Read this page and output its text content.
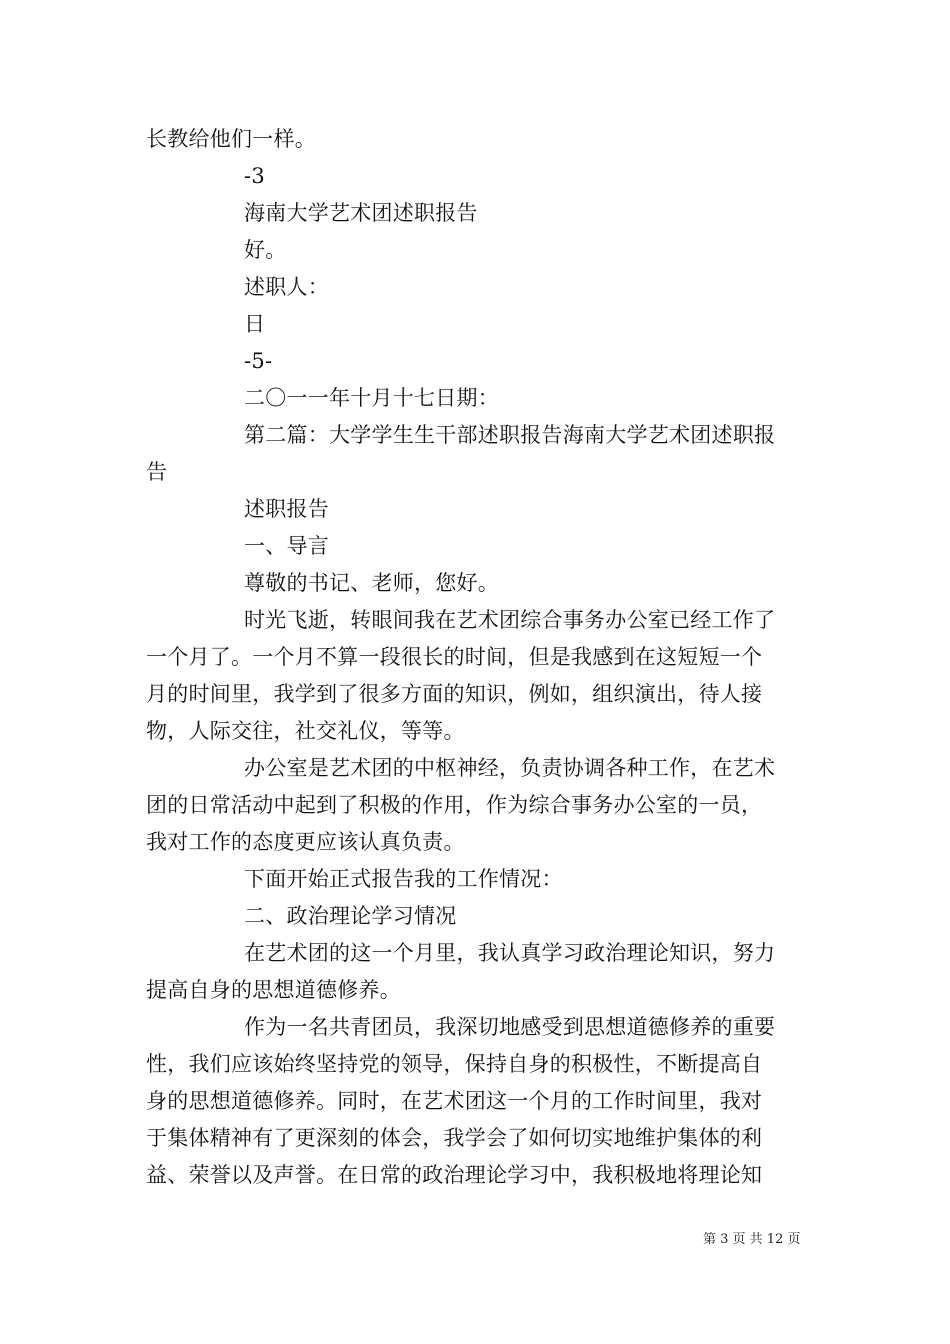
长教给他们一样。
-3
海南大学艺术团述职报告
好。
述职人：
日
-5-
二〇一一年十月十七日期：
第二篇：大学学生生干部述职报告海南大学艺术团述职报
告
述职报告
一、导言
尊敬的书记、老师，您好。
时光飞逝，转眼间我在艺术团综合事务办公室已经工作了
一个月了。一个月不算一段很长的时间，但是我感到在这短短一个
月的时间里，我学到了很多方面的知识，例如，组织演出，待人接
物，人际交往，社交礼仪，等等。
办公室是艺术团的中枢神经，负责协调各种工作，在艺术
团的日常活动中起到了积极的作用，作为综合事务办公室的一员，
我对工作的态度更应该认真负责。
下面开始正式报告我的工作情况：
二、政治理论学习情况
在艺术团的这一个月里，我认真学习政治理论知识，努力
提高自身的思想道德修养。
作为一名共青团员，我深切地感受到思想道德修养的重要
性，我们应该始终坚持党的领导，保持自身的积极性，不断提高自
身的思想道德修养。同时，在艺术团这一个月的工作时间里，我对
于集体精神有了更深刻的体会，我学会了如何切实地维护集体的利
益、荣誉以及声誉。在日常的政治理论学习中，我积极地将理论知
第 3 页 共 12 页
